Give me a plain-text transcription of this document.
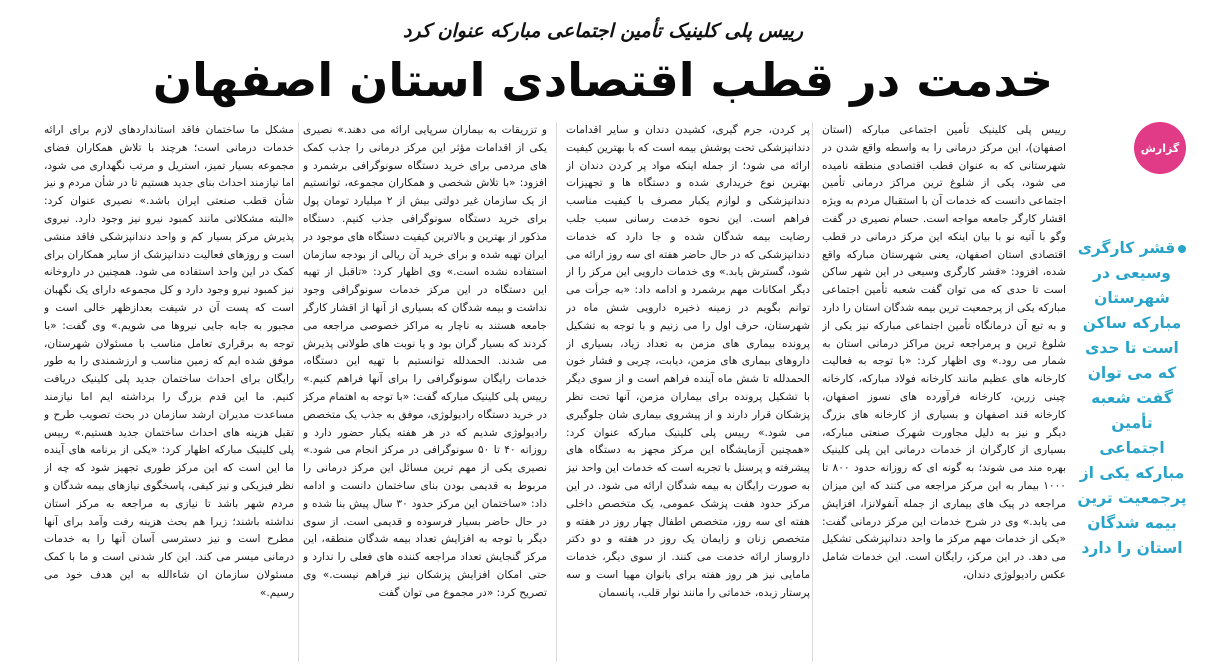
رییس پلی کلینیک تأمین اجتماعی مبارکه عنوان کرد
خدمت در قطب اقتصادی استان اصفهان
گزارش
قشر کارگری وسیعی در شهرستان مبارکه ساکن است تا حدی که می توان گفت شعبه تأمین اجتماعی مبارکه یکی از پرجمعیت ترین بیمه شدگان استان را دارد

رییس پلی کلینیک تأمین اجتماعی مبارکه (استان اصفهان)، این مرکز درمانی را به واسطه واقع شدن در شهرستانی که به عنوان قطب اقتصادی منطقه نامیده می شود، یکی از شلوغ ترین مراکز درمانی تأمین اجتماعی دانست که خدمات آن با استقبال مردم به ویژه اقشار کارگر جامعه مواجه است. حسام نصیری در گفت وگو با آتیه نو با بیان اینکه این مرکز درمانی در قطب اقتصادی استان اصفهان، یعنی شهرستان مبارکه واقع شده، افزود: «قشر کارگری وسیعی در این شهر ساکن است تا حدی که می توان گفت شعبه تأمین اجتماعی مبارکه یکی از پرجمعیت ترین بیمه شدگان استان را دارد و به تبع آن درمانگاه تأمین اجتماعی مبارکه نیز یکی از شلوغ ترین و پرمراجعه ترین مراکز درمانی استان به شمار می رود.» وی اظهار کرد: «با توجه به فعالیت کارخانه های عظیم مانند کارخانه فولاد مبارکه، کارخانه چینی زرین، کارخانه فرآورده های نسوز اصفهان، کارخانه قند اصفهان و بسیاری از کارخانه های بزرگ دیگر و نیز به دلیل مجاورت شهرک صنعتی مبارکه، بسیاری از کارگران از خدمات درمانی این پلی کلینیک بهره مند می شوند؛ به گونه ای که روزانه حدود ۸۰۰ تا ۱۰۰۰ بیمار به این مرکز مراجعه می کنند که این میزان مراجعه در پیک های بیماری از جمله آنفولانزا، افزایش می یابد.» وی در شرح خدمات این مرکز درمانی گفت: «یکی از خدمات مهم مرکز ما واحد دندانپزشکی تشکیل می دهد. در این مرکز، رایگان است. این خدمات شامل عکس رادیولوژی دندان،

پر کردن، جرم گیری، کشیدن دندان و سایر اقدامات دندانپزشکی تحت پوشش بیمه است که با بهترین کیفیت ارائه می شود؛ از جمله اینکه مواد پر کردن دندان از بهترین نوع خریداری شده و دستگاه ها و تجهیزات دندانپزشکی و لوازم یکبار مصرف با کیفیت مناسب فراهم است. این نحوه خدمت رسانی سبب جلب رضایت بیمه شدگان شده و جا دارد که خدمات دندانپزشکی که در حال حاضر هفته ای سه روز ارائه می شود، گسترش یابد.» وی خدمات دارویی این مرکز را از دیگر امکانات مهم برشمرد و ادامه داد: «به جرأت می توانم بگویم در زمینه ذخیره دارویی شش ماه در شهرستان، حرف اول را می زنیم و با توجه به تشکیل پرونده بیماری های مزمن به تعداد زیاد، بسیاری از داروهای بیماری های مزمن، دیابت، چربی و فشار خون الحمدلله تا شش ماه آینده فراهم است و از سوی دیگر با تشکیل پرونده برای بیماران مزمن، آنها تحت نظر پزشکان قرار دارند و از پیشروی بیماری شان جلوگیری می شود.» رییس پلی کلینیک مبارکه عنوان کرد: «همچنین آزمایشگاه این مرکز مجهز به دستگاه های پیشرفته و پرسنل با تجربه است که خدمات این واحد نیز به صورت رایگان به بیمه شدگان ارائه می شود. در این مرکز حدود هفت پزشک عمومی، یک متخصص داخلی هفته ای سه روز، متخصص اطفال چهار روز در هفته و متخصص زنان و زایمان یک روز در هفته و دو دکتر داروساز ارائه خدمت می کنند. از سوی دیگر، خدمات مامایی نیز هر روز هفته برای بانوان مهیا است و سه پرستار زبده، خدماتی را مانند نوار قلب، پانسمان

و تزریقات به بیماران سرپایی ارائه می دهند.» نصیری یکی از اقدامات مؤثر این مرکز درمانی را جذب کمک های مردمی برای خرید دستگاه سونوگرافی برشمرد و افزود: «با تلاش شخصی و همکاران مجموعه، توانستیم از یک سازمان غیر دولتی بیش از ۲ میلیارد تومان پول برای خرید دستگاه سونوگرافی جذب کنیم. دستگاه مذکور از بهترین و بالاترین کیفیت دستگاه های موجود در ایران تهیه شده و برای خرید آن ریالی از بودجه سازمان استفاده نشده است.» وی اظهار کرد: «تاقبل از تهیه این دستگاه در این مرکز خدمات سونوگرافی وجود نداشت و بیمه شدگان که بسیاری از آنها از اقشار کارگر جامعه هستند به ناچار به مراکز خصوصی مراجعه می کردند که بسیار گران بود و یا نوبت های طولانی پذیرش می شدند. الحمدلله توانستیم با تهیه این دستگاه، خدمات رایگان سونوگرافی را برای آنها فراهم کنیم.» رییس پلی کلینیک مبارکه گفت: «با توجه به اهتمام مرکز در خرید دستگاه رادیولوژی، موفق به جذب یک متخصص رادیولوژی شدیم که در هر هفته یکبار حضور دارد و روزانه ۴۰ تا ۵۰ سونوگرافی در مرکز انجام می شود.» نصیری یکی از مهم ترین مسائل این مرکز درمانی را مربوط به قدیمی بودن بنای ساختمان دانست و ادامه داد: «ساختمان این مرکز حدود ۳۰ سال پیش بنا شده و در حال حاضر بسیار فرسوده و قدیمی است. از سوی دیگر با توجه به افزایش تعداد بیمه شدگان منطقه، این مرکز گنجایش تعداد مراجعه کننده های فعلی را ندارد و حتی امکان افزایش پزشکان نیز فراهم نیست.» وی تصریح کرد: «در مجموع می توان گفت

مشکل ما ساختمان فاقد استانداردهای لازم برای ارائه خدمات درمانی است؛ هرچند با تلاش همکاران فضای مجموعه بسیار تمیز، استریل و مرتب نگهداری می شود، اما نیازمند احداث بنای جدید هستیم تا در شأن مردم و نیز شأن قطب صنعتی ایران باشد.» نصیری عنوان کرد: «البته مشکلاتی مانند کمبود نیرو نیز وجود دارد. نیروی پذیرش مرکز بسیار کم و واحد دندانپزشکی فاقد منشی است و روزهای فعالیت دندانپزشک از سایر همکاران برای کمک در این واحد استفاده می شود. همچنین در داروخانه نیز کمبود نیرو وجود دارد و کل مجموعه دارای یک نگهبان است که پست آن در شیفت بعدازظهر خالی است و مجبور به جابه جایی نیروها می شویم.» وی گفت: «با توجه به برقراری تعامل مناسب با مسئولان شهرستان، موفق شده ایم که زمین مناسب و ارزشمندی را به طور رایگان برای احداث ساختمان جدید پلی کلینیک دریافت کنیم. ما این قدم بزرگ را برداشته ایم اما نیازمند مساعدت مدیران ارشد سازمان در بحث تصویب طرح و تقبل هزینه های احداث ساختمان جدید هستیم.» رییس پلی کلینیک مبارکه اظهار کرد: «یکی از برنامه های آینده ما این است که این مرکز طوری تجهیز شود که چه از نظر فیزیکی و نیز کیفی، پاسخگوی نیازهای بیمه شدگان و مردم شهر باشد تا نیازی به مراجعه به مرکز استان نداشته باشند؛ زیرا هم بحث هزینه رفت وآمد برای آنها مطرح است و نیز دسترسی آسان آنها را به خدمات درمانی میسر می کند. این کار شدنی است و ما با کمک مسئولان سازمان ان شاءالله به این هدف خود می رسیم.»
